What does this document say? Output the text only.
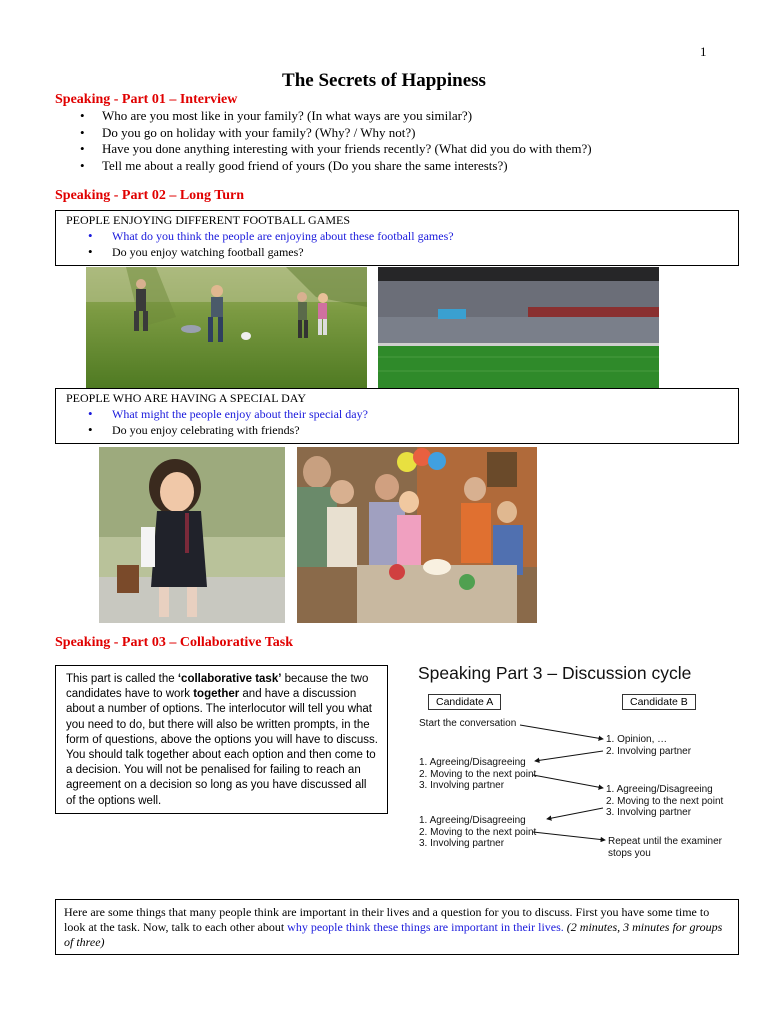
1
The Secrets of Happiness
Speaking - Part 01 – Interview
• Who are you most like in your family? (In what ways are you similar?)
• Do you go on holiday with your family? (Why? / Why not?)
• Have you done anything interesting with your friends recently? (What did you do with them?)
• Tell me about a really good friend of yours (Do you share the same interests?)
Speaking - Part 02 – Long Turn
PEOPLE ENJOYING DIFFERENT FOOTBALL GAMES
• What do you think the people are enjoying about these football games?
• Do you enjoy watching football games?
PEOPLE WHO ARE HAVING A SPECIAL DAY
• What might the people enjoy about their special day?
• Do you enjoy celebrating with friends?
Speaking - Part 03 – Collaborative Task
This part is called the ‘collaborative task’ because the two candidates have to work together and have a discussion about a number of options. The interlocutor will tell you what you need to do, but there will also be written prompts, in the form of questions, above the options you will have to discuss. You should talk together about each option and then come to a decision. You will not be penalised for failing to reach an agreement on a decision so long as you have discussed all of the options well.
Speaking Part 3 – Discussion cycle
Candidate A	Candidate B
Start the conversation
1. Opinion, …
2. Involving partner
1. Agreeing/Disagreeing
2. Moving to the next point
3. Involving partner	1. Agreeing/Disagreeing
2. Moving to the next point
3. Involving partner
1. Agreeing/Disagreeing
2. Moving to the next point
3. Involving partner	Repeat until the examiner
stops you
Here are some things that many people think are important in their lives and a question for you to discuss. First you have some time to look at the task. Now, talk to each other about why people think these things are important in their lives. (2 minutes, 3 minutes for groups of three)
